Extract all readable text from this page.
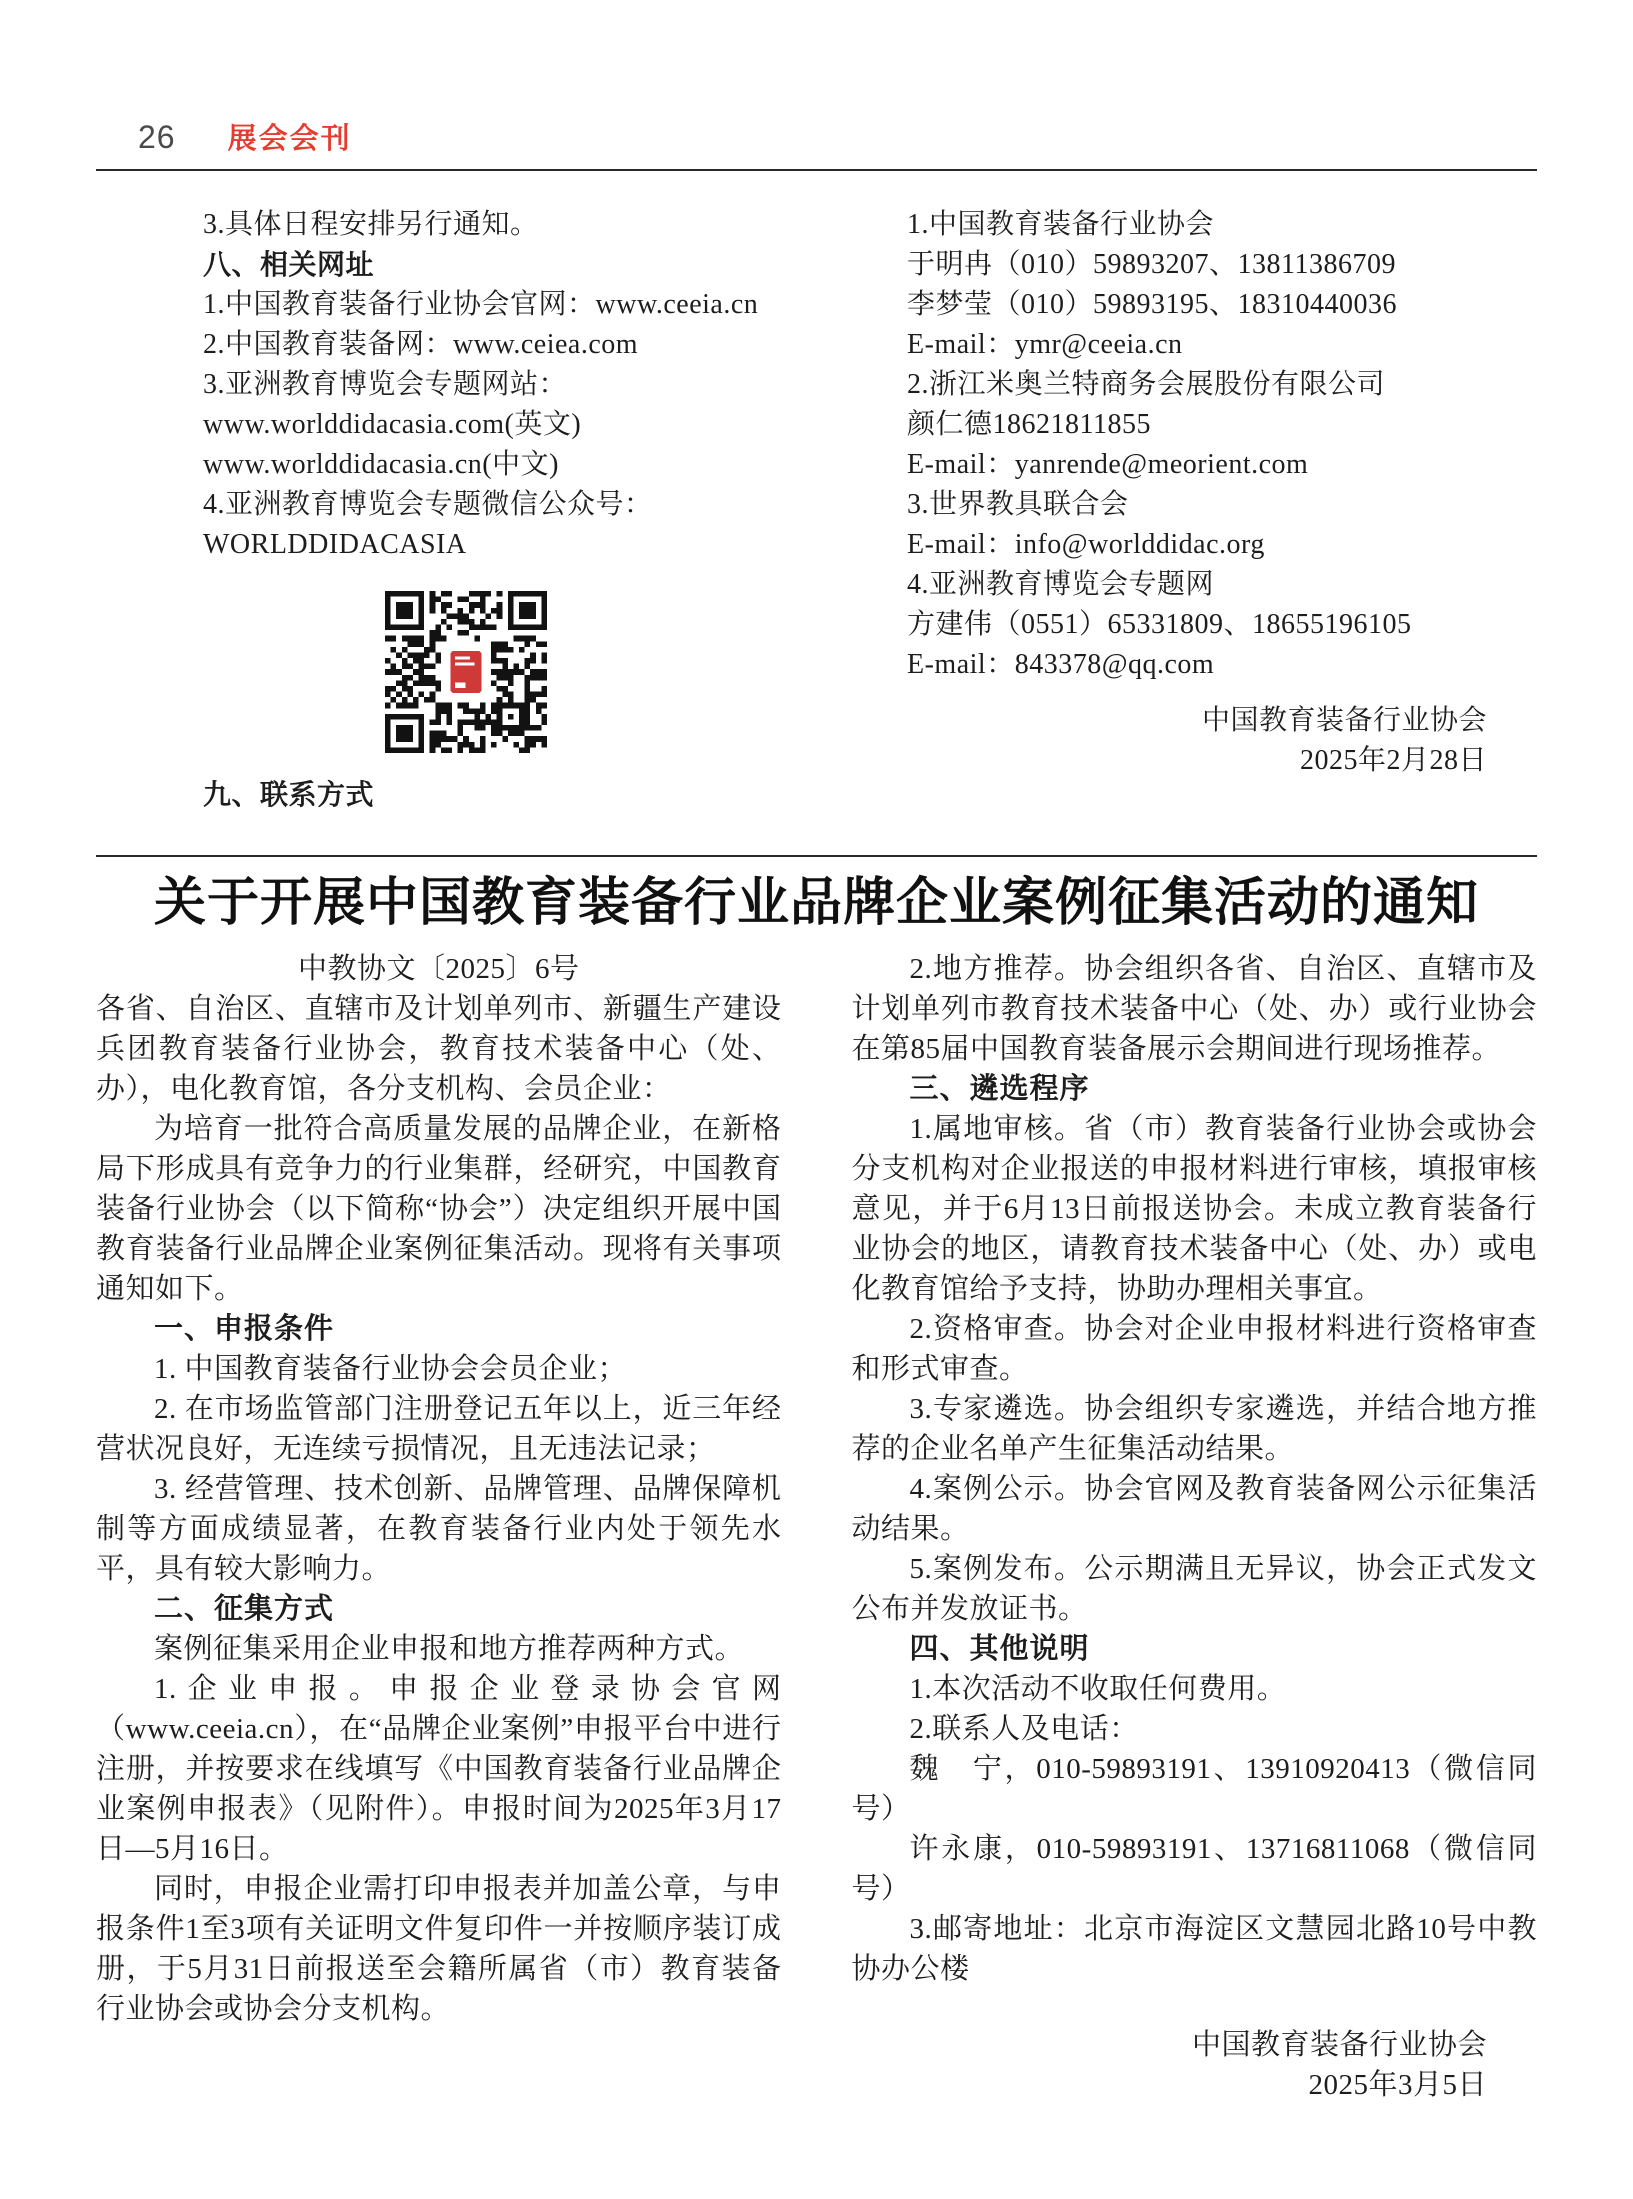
26 展会会刊

3.具体日程安排另行通知。

八、相关网址

1.中国教育装备行业协会官网：www.ceeia.cn

2.中国教育装备网：www.ceiea.com

3.亚洲教育博览会专题网站：

www.worlddidacasia.com(英文)

www.worlddidacasia.cn(中文)

4.亚洲教育博览会专题微信公众号：

WORLDDIDACASIA

九、联系方式

1.中国教育装备行业协会

于明冉（010）59893207、13811386709

李梦莹（010）59893195、18310440036

E-mail：ymr@ceeia.cn

2.浙江米奥兰特商务会展股份有限公司

颜仁德18621811855

E-mail：yanrende@meorient.com

3.世界教具联合会

E-mail：info@worlddidac.org

4.亚洲教育博览会专题网

方建伟（0551）65331809、18655196105

E-mail：843378@qq.com

中国教育装备行业协会

2025年2月28日

关于开展中国教育装备行业品牌企业案例征集活动的通知

中教协文〔2025〕6号

各省、自治区、直辖市及计划单列市、新疆生产建设兵团教育装备行业协会，教育技术装备中心（处、办），电化教育馆，各分支机构、会员企业：

为培育一批符合高质量发展的品牌企业，在新格局下形成具有竞争力的行业集群，经研究，中国教育装备行业协会（以下简称“协会”）决定组织开展中国教育装备行业品牌企业案例征集活动。现将有关事项通知如下。

一、申报条件

1. 中国教育装备行业协会会员企业；

2. 在市场监管部门注册登记五年以上，近三年经营状况良好，无连续亏损情况，且无违法记录；

3. 经营管理、技术创新、品牌管理、品牌保障机制等方面成绩显著，在教育装备行业内处于领先水平，具有较大影响力。

二、征集方式

案例征集采用企业申报和地方推荐两种方式。

1.企业申报。申报企业登录协会官网（www.ceeia.cn），在“品牌企业案例”申报平台中进行注册，并按要求在线填写《中国教育装备行业品牌企业案例申报表》（见附件）。申报时间为2025年3月17日—5月16日。

同时，申报企业需打印申报表并加盖公章，与申报条件1至3项有关证明文件复印件一并按顺序装订成册，于5月31日前报送至会籍所属省（市）教育装备行业协会或协会分支机构。

2.地方推荐。协会组织各省、自治区、直辖市及计划单列市教育技术装备中心（处、办）或行业协会在第85届中国教育装备展示会期间进行现场推荐。

三、遴选程序

1.属地审核。省（市）教育装备行业协会或协会分支机构对企业报送的申报材料进行审核，填报审核意见，并于6月13日前报送协会。未成立教育装备行业协会的地区，请教育技术装备中心（处、办）或电化教育馆给予支持，协助办理相关事宜。

2.资格审查。协会对企业申报材料进行资格审查和形式审查。

3.专家遴选。协会组织专家遴选，并结合地方推荐的企业名单产生征集活动结果。

4.案例公示。协会官网及教育装备网公示征集活动结果。

5.案例发布。公示期满且无异议，协会正式发文公布并发放证书。

四、其他说明

1.本次活动不收取任何费用。

2.联系人及电话：

魏　宁，010-59893191、13910920413（微信同号）

许永康，010-59893191、13716811068（微信同号）

3.邮寄地址：北京市海淀区文慧园北路10号中教协办公楼

中国教育装备行业协会

2025年3月5日
